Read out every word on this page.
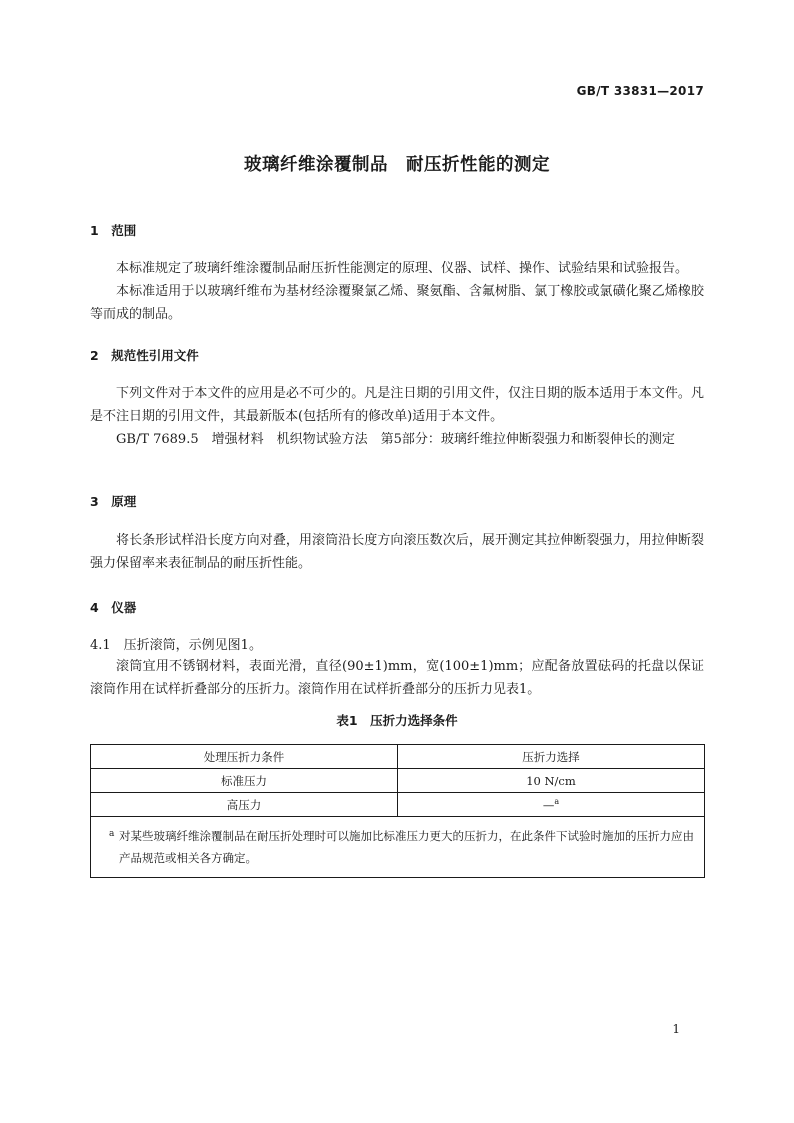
GB/T 33831—2017
玻璃纤维涂覆制品　耐压折性能的测定
1　范围

本标准规定了玻璃纤维涂覆制品耐压折性能测定的原理、仪器、试样、操作、试验结果和试验报告。

本标准适用于以玻璃纤维布为基材经涂覆聚氯乙烯、聚氨酯、含氟树脂、氯丁橡胶或氯磺化聚乙烯橡胶等而成的制品。

2　规范性引用文件

下列文件对于本文件的应用是必不可少的。凡是注日期的引用文件，仅注日期的版本适用于本文件。凡是不注日期的引用文件，其最新版本(包括所有的修改单)适用于本文件。

GB/T 7689.5　增强材料　机织物试验方法　第5部分：玻璃纤维拉伸断裂强力和断裂伸长的测定

3　原理

将长条形试样沿长度方向对叠，用滚筒沿长度方向滚压数次后，展开测定其拉伸断裂强力，用拉伸断裂强力保留率来表征制品的耐压折性能。

4　仪器
4.1　压折滚筒，示例见图1。

滚筒宜用不锈钢材料，表面光滑，直径(90±1)mm，宽(100±1)mm；应配备放置砝码的托盘以保证滚筒作用在试样折叠部分的压折力。滚筒作用在试样折叠部分的压折力见表1。

表1　压折力选择条件
处理压折力条件	压折力选择
标准压力	10 N/cm
高压力	—$^a$

a 对某些玻璃纤维涂覆制品在耐压折处理时可以施加比标准压力更大的压折力，在此条件下试验时施加的压折力应由产品规范或相关各方确定。	
1
